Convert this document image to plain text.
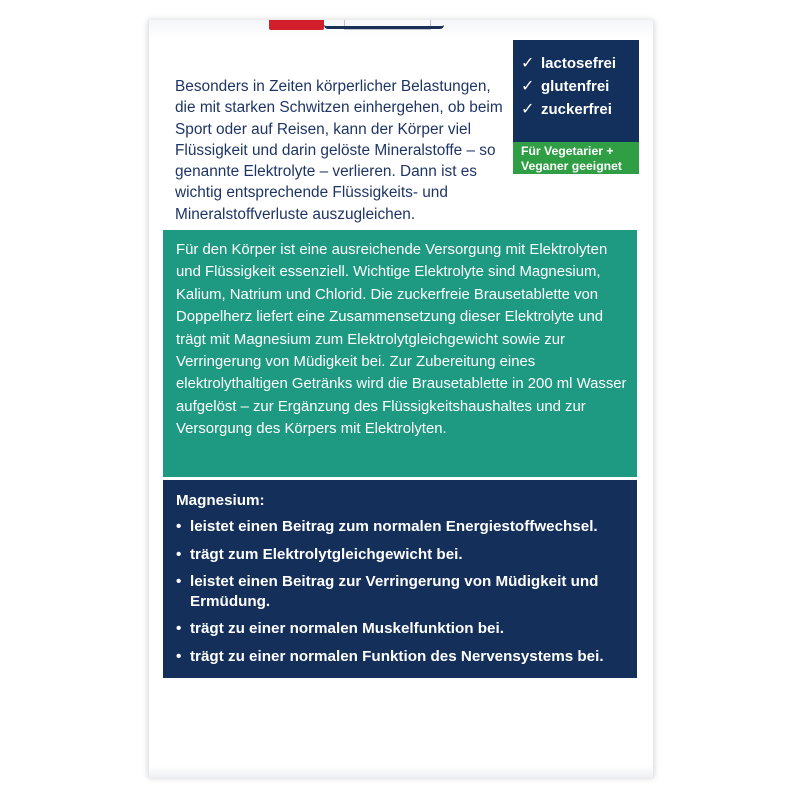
Besonders in Zeiten körperlicher Belastungen, die mit starken Schwitzen einhergehen, ob beim Sport oder auf Reisen, kann der Körper viel Flüssigkeit und darin gelöste Mineralstoffe – so genannte Elektrolyte – verlieren. Dann ist es wichtig entsprechende Flüssigkeits- und Mineralstoffverluste auszugleichen.

✓ lactosefrei
✓ glutenfrei
✓ zuckerfrei
Für Vegetarier +
Veganer geeignet

Für den Körper ist eine ausreichende Versorgung mit Elektrolyten und Flüssigkeit essenziell. Wichtige Elektrolyte sind Magnesium, Kalium, Natrium und Chlorid. Die zuckerfreie Brausetablette von Doppelherz liefert eine Zusammensetzung dieser Elektrolyte und trägt mit Magnesium zum Elektrolytgleichgewicht sowie zur Verringerung von Müdigkeit bei. Zur Zubereitung eines elektrolythaltigen Getränks wird die Brausetablette in 200 ml Wasser aufgelöst – zur Ergänzung des Flüssigkeitshaushaltes und zur Versorgung des Körpers mit Elektrolyten.

Magnesium:
• leistet einen Beitrag zum normalen Energiestoffwechsel.
• trägt zum Elektrolytgleichgewicht bei.
• leistet einen Beitrag zur Verringerung von Müdigkeit und Ermüdung.
• trägt zu einer normalen Muskelfunktion bei.
• trägt zu einer normalen Funktion des Nervensystems bei.
